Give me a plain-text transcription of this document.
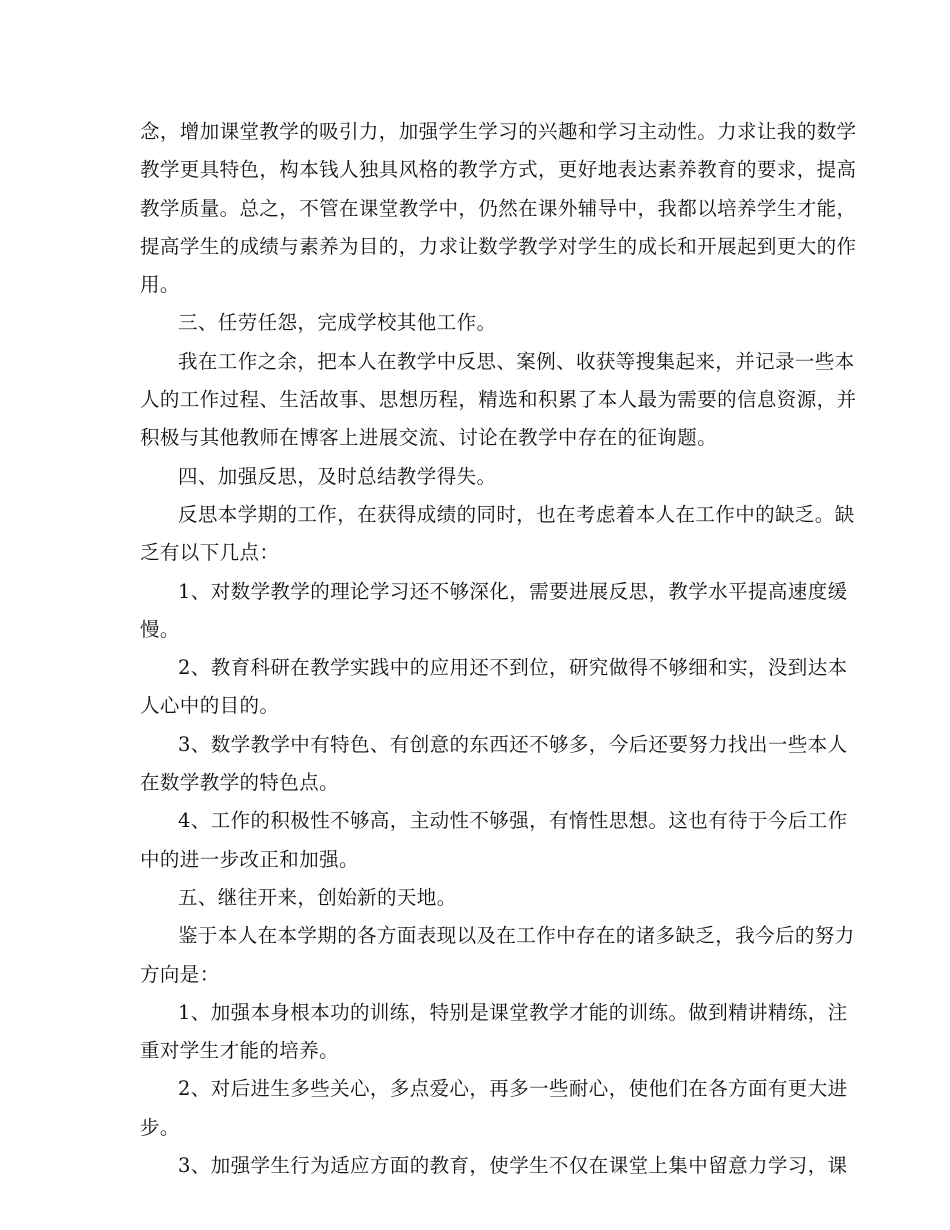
念，增加课堂教学的吸引力，加强学生学习的兴趣和学习主动性。力求让我的数学
教学更具特色，构本钱人独具风格的教学方式，更好地表达素养教育的要求，提高
教学质量。总之，不管在课堂教学中，仍然在课外辅导中，我都以培养学生才能，
提高学生的成绩与素养为目的，力求让数学教学对学生的成长和开展起到更大的作
用。
三、任劳任怨，完成学校其他工作。
我在工作之余，把本人在教学中反思、案例、收获等搜集起来，并记录一些本
人的工作过程、生活故事、思想历程，精选和积累了本人最为需要的信息资源，并
积极与其他教师在博客上进展交流、讨论在教学中存在的征询题。
四、加强反思，及时总结教学得失。
反思本学期的工作，在获得成绩的同时，也在考虑着本人在工作中的缺乏。缺
乏有以下几点：
1、对数学教学的理论学习还不够深化，需要进展反思，教学水平提高速度缓
慢。
2、教育科研在教学实践中的应用还不到位，研究做得不够细和实，没到达本
人心中的目的。
3、数学教学中有特色、有创意的东西还不够多，今后还要努力找出一些本人
在数学教学的特色点。
4、工作的积极性不够高，主动性不够强，有惰性思想。这也有待于今后工作
中的进一步改正和加强。
五、继往开来，创始新的天地。
鉴于本人在本学期的各方面表现以及在工作中存在的诸多缺乏，我今后的努力
方向是：
1、加强本身根本功的训练，特别是课堂教学才能的训练。做到精讲精练，注
重对学生才能的培养。
2、对后进生多些关心，多点爱心，再多一些耐心，使他们在各方面有更大进
步。
3、加强学生行为适应方面的教育，使学生不仅在课堂上集中留意力学习，课
